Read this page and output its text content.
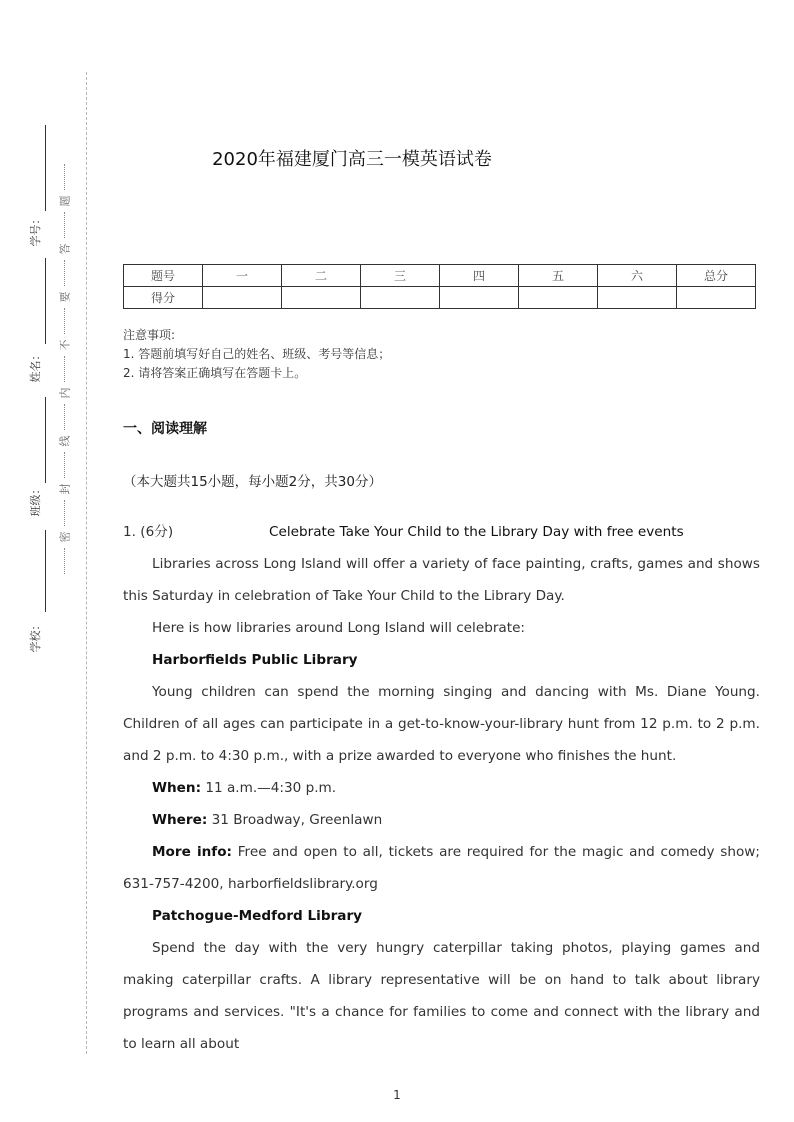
题
答
要
不
内
线
封
密
学号：
姓名：
班级：
学校：
2020年福建厦门高三一模英语试卷
题号	一	二	三	四	五	六	总分
得分							
注意事项:
1. 答题前填写好自己的姓名、班级、考号等信息；
2. 请将答案正确填写在答题卡上。
一、阅读理解
（本大题共15小题，每小题2分，共30分）
1. (6分)	Celebrate Take Your Child to the Library Day with free events

Libraries across Long Island will offer a variety of face painting, crafts, games and shows this Saturday in celebration of Take Your Child to the Library Day.

Here is how libraries around Long Island will celebrate:

Harborfields Public Library

Young children can spend the morning singing and dancing with Ms. Diane Young. Children of all ages can participate in a get-to-know-your-library hunt from 12 p.m. to 2 p.m. and 2 p.m. to 4:30 p.m., with a prize awarded to everyone who finishes the hunt.

When: 11 a.m.—4:30 p.m.

Where: 31 Broadway, Greenlawn

More info: Free and open to all, tickets are required for the magic and comedy show; 631-757-4200, harborfieldslibrary.org

Patchogue-Medford Library

Spend the day with the very hungry caterpillar taking photos, playing games and making caterpillar crafts. A library representative will be on hand to talk about library programs and services. "It's a chance for families to come and connect with the library and to learn all about

1
